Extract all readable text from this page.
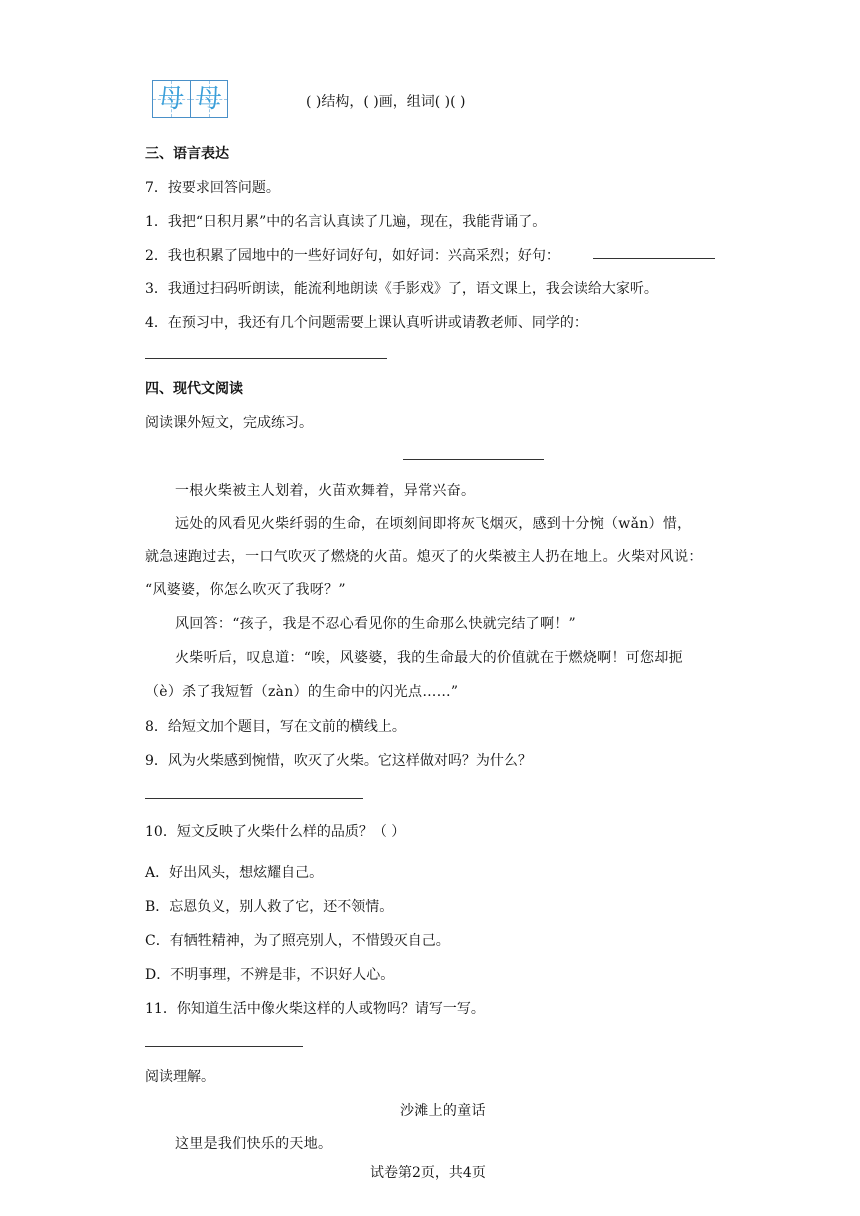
母 母	( )结构，( )画，组词( )( )
三、语言表达
7．按要求回答问题。
1．我把“日积月累”中的名言认真读了几遍，现在，我能背诵了。
2．我也积累了园地中的一些好词好句，如好词：兴高采烈；好句：
3．我通过扫码听朗读，能流利地朗读《手影戏》了，语文课上，我会读给大家听。
4．在预习中，我还有几个问题需要上课认真听讲或请教老师、同学的：
四、现代文阅读
阅读课外短文，完成练习。
一根火柴被主人划着，火苗欢舞着，异常兴奋。
远处的风看见火柴纤弱的生命，在顷刻间即将灰飞烟灭，感到十分惋（wǎn）惜，
就急速跑过去，一口气吹灭了燃烧的火苗。熄灭了的火柴被主人扔在地上。火柴对风说：
“风婆婆，你怎么吹灭了我呀？”
风回答：“孩子，我是不忍心看见你的生命那么快就完结了啊！”
火柴听后，叹息道：“唉，风婆婆，我的生命最大的价值就在于燃烧啊！可您却扼
（è）杀了我短暂（zàn）的生命中的闪光点……”
8．给短文加个题目，写在文前的横线上。
9．风为火柴感到惋惜，吹灭了火柴。它这样做对吗？为什么？
10．短文反映了火柴什么样的品质？（ ）
A．好出风头，想炫耀自己。
B．忘恩负义，别人救了它，还不领情。
C．有牺牲精神，为了照亮别人，不惜毁灭自己。
D．不明事理，不辨是非，不识好人心。
11．你知道生活中像火柴这样的人或物吗？请写一写。
阅读理解。
沙滩上的童话
这里是我们快乐的天地。
试卷第2页，共4页
